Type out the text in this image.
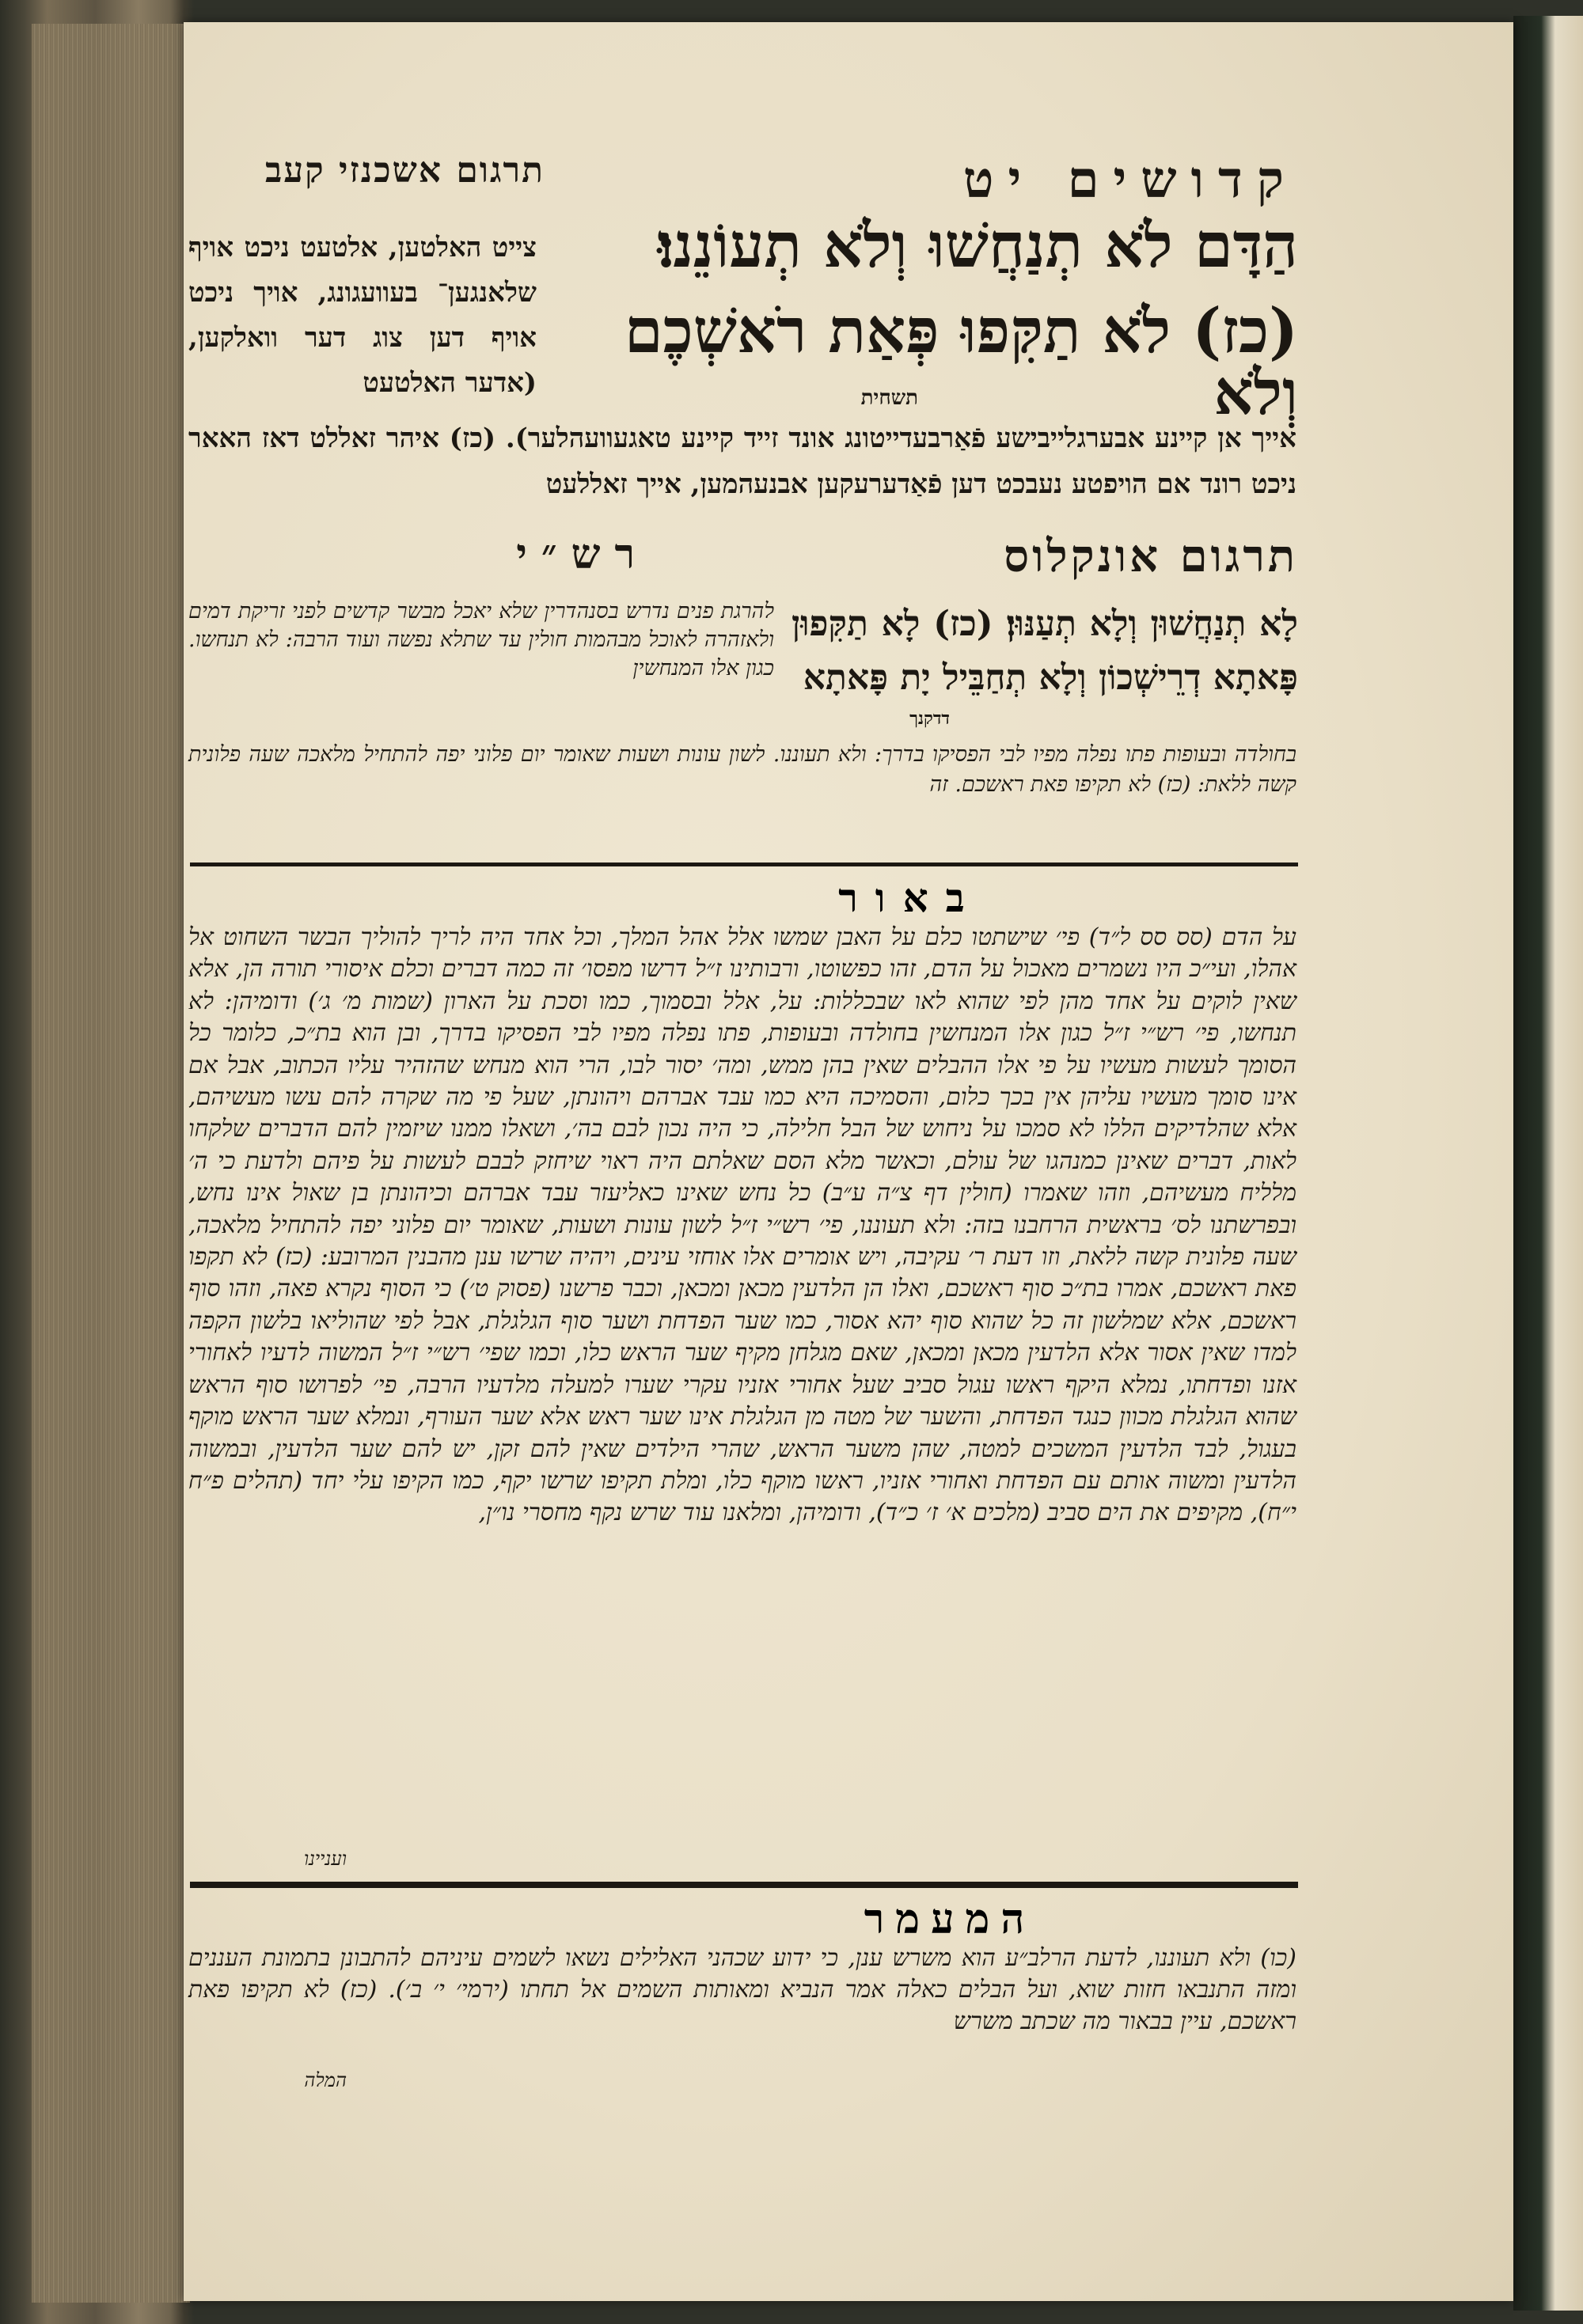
תרגום אשכנזי קעב	קדושים יט
הַדָּם לֹא תְנַחֲשׁוּ וְלֹא תְעוֹנֵנוּ׃
(כז) לֹא תַקִּפוּ פְּאַת רֹאשְׁכֶם וְלֹא
תשחית
צייט האלטען, אלטעט ניכט אויף שלאנגען־ בעוועגונג, אויך ניכט אויף דען צוג דער וואלקען, (אדער האלטעט
אייך אן קיינע אבערגלייבישע פֿאַרבעדייטונג אונד זייד קיינע טאגעוועהלער). (כז) איהר זאללט דאז האאר ניכט רונד אם הויפטע נעבכט דען פֿאַדערעקען אבנעהמען, אייך זאללעט
תרגום אונקלוס
רש״י
לָא תְנַחֲשׁוּן וְלָא תְעַנּוּן׃ (כז) לָא תַקִּפוּן פָּאתָא דְרֵישְׁכוֹן וְלָא תְחַבֵּיל יָת פָּאתָא
דדקנך
להרגת פנים נדרש בסנהדרין שלא יאכל מבשר קדשים לפני זריקת דמים ולאזהרה לאוכל מבהמות חולין עד שתלא נפשה ועוד הרבה: לא תנחשו. כגון אלו המנחשין
בחולדה ובעופות פתו נפלה מפיו לבי הפסיקו בדרך: ולא תעוננו. לשון עונות ושעות שאומר יום פלוני יפה להתחיל מלאכה שעה פלונית קשה ללאת: (כז) לא תקיפו פאת ראשכם. זה
באור
על הדם (סס סס ל״ד) פי׳ שישתטו כלם על האבן שמשו אלל אהל המלך, וכל אחד היה לריך להוליך הבשר השחוט אל אהלו, ועי״כ היו נשמרים מאכול על הדם, זהו כפשוטו, ורבותינו ז״ל דרשו מפסו׳ זה כמה דברים וכלם איסורי תורה הן, אלא שאין לוקים על אחד מהן לפי שהוא לאו שבכללות: על, אלל ובסמוך, כמו וסכת על הארון (שמות מ׳ ג׳) ודומיהן: לא תנחשו, פי׳ רש״י ז״ל כגון אלו המנחשין בחולדה ובעופות, פתו נפלה מפיו לבי הפסיקו בדרך, ובן הוא בת״כ, כלומר כל הסומך לעשות מעשיו על פי אלו ההבלים שאין בהן ממש, ומה׳ יסור לבו, הרי הוא מנחש שהזהיר עליו הכתוב, אבל אם אינו סומך מעשיו עליהן אין בכך כלום, והסמיכה היא כמו עבד אברהם ויהונתן, שעל פי מה שקרה להם עשו מעשיהם, אלא שהלדיקים הללו לא סמכו על ניחוש של הבל חלילה, כי היה נכון לבם בה׳, ושאלו ממנו שיזמין להם הדברים שלקחו לאות, דברים שאינן כמנהגו של עולם, וכאשר מלא הסם שאלתם היה ראוי שיחזק לבבם לעשות על פיהם ולדעת כי ה׳ מלליח מעשיהם, וזהו שאמרו (חולין דף צ״ה ע״ב) כל נחש שאינו כאליעזר עבד אברהם וכיהונתן בן שאול אינו נחש, ובפרשתנו לס׳ בראשית הרחבנו בזה: ולא תעוננו, פי׳ רש״י ז״ל לשון עונות ושעות, שאומר יום פלוני יפה להתחיל מלאכה, שעה פלונית קשה ללאת, וזו דעת ר׳ עקיבה, ויש אומרים אלו אוחזי עינים, ויהיה שרשו ענן מהבנין המרובע: (כז) לא תקפו פאת ראשכם, אמרו בת״כ סוף ראשכם, ואלו הן הלדעין מכאן ומכאן, וכבר פרשנו (פסוק ט׳) כי הסוף נקרא פאה, וזהו סוף ראשכם, אלא שמלשון זה כל שהוא סוף יהא אסור, כמו שער הפדחת ושער סוף הגלגלת, אבל לפי שהוליאו בלשון הקפה למדו שאין אסור אלא הלדעין מכאן ומכאן, שאם מגלחן מקיף שער הראש כלו, וכמו שפי׳ רש״י ז״ל המשוה לדעיו לאחורי אזנו ופדחתו, נמלא היקף ראשו עגול סביב שעל אחורי אזניו עקרי שערו למעלה מלדעיו הרבה, פי׳ לפרושו סוף הראש שהוא הגלגלת מכוון כנגד הפדחת, והשער של מטה מן הגלגלת אינו שער ראש אלא שער העורף, ונמלא שער הראש מוקף בעגול, לבד הלדעין המשכים למטה, שהן משער הראש, שהרי הילדים שאין להם זקן, יש להם שער הלדעין, ובמשוה הלדעין ומשוה אותם עם הפדחת ואחורי אזניו, ראשו מוקף כלו, ומלת תקיפו שרשו יקף, כמו הקיפו עלי יחד (תהלים פ״ח י״ח), מקיפים את הים סביב (מלכים א׳ ז׳ כ״ד), ודומיהן, ומלאנו עוד שרש נקף מחסרי נו״ן,
ועניינו
המעמר
(כו) ולא תעוננו, לדעת הרלב״ע הוא משרש ענן, כי ידוע שכהני האלילים נשאו לשמים עיניהם להתבונן בתמונת העננים ומזה התנבאו חזות שוא, ועל הבלים כאלה אמר הנביא ומאותות השמים אל תחתו (ירמי׳ י׳ ב׳). (כז) לא תקיפו פאת ראשכם, עיין בבאור מה שכתב משרש
המלה
